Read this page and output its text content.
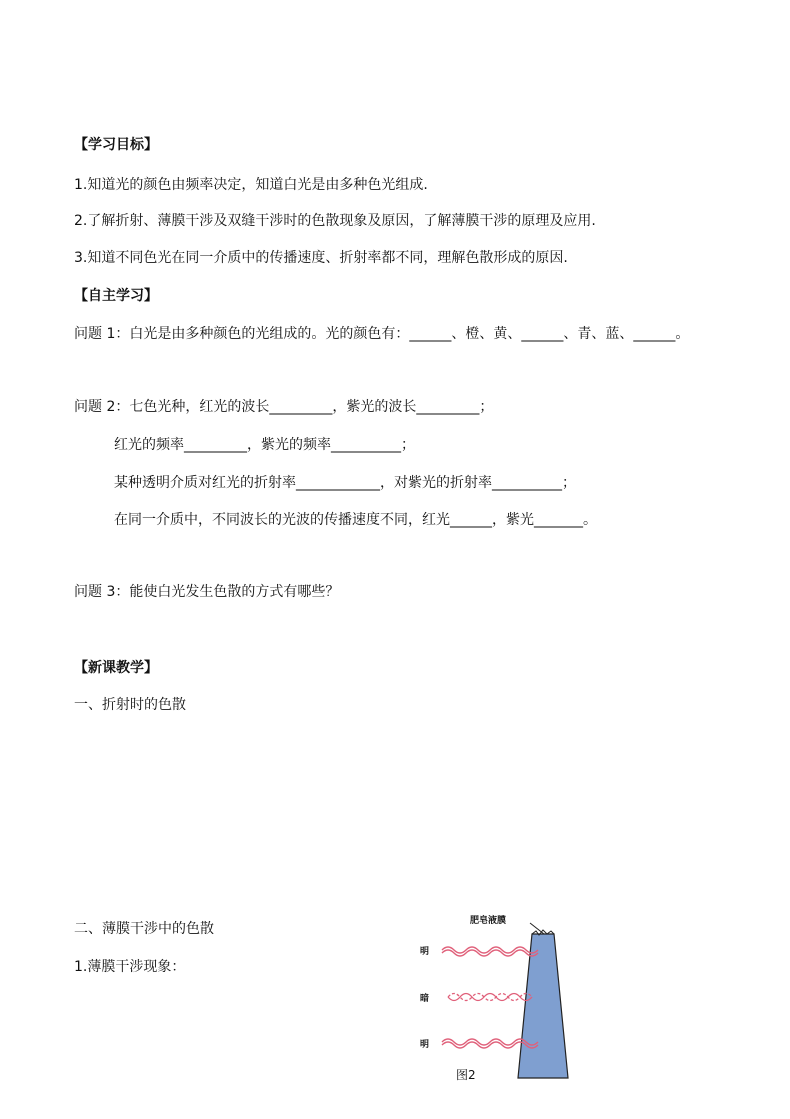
【学习目标】
1.知道光的颜色由频率决定，知道白光是由多种色光组成.
2.了解折射、薄膜干涉及双缝干涉时的色散现象及原因，了解薄膜干涉的原理及应用.
3.知道不同色光在同一介质中的传播速度、折射率都不同，理解色散形成的原因.
【自主学习】
问题 1：白光是由多种颜色的光组成的。光的颜色有：______、橙、黄、______、青、蓝、______。
问题 2：七色光种，红光的波长_________，紫光的波长_________；
红光的频率_________，紫光的频率__________；
某种透明介质对红光的折射率____________，对紫光的折射率__________；
在同一介质中，不同波长的光波的传播速度不同，红光______，紫光_______。
问题 3：能使白光发生色散的方式有哪些？
【新课教学】
一、折射时的色散
二、薄膜干涉中的色散
1.薄膜干涉现象：
肥皂液膜
明
暗
明
图2
